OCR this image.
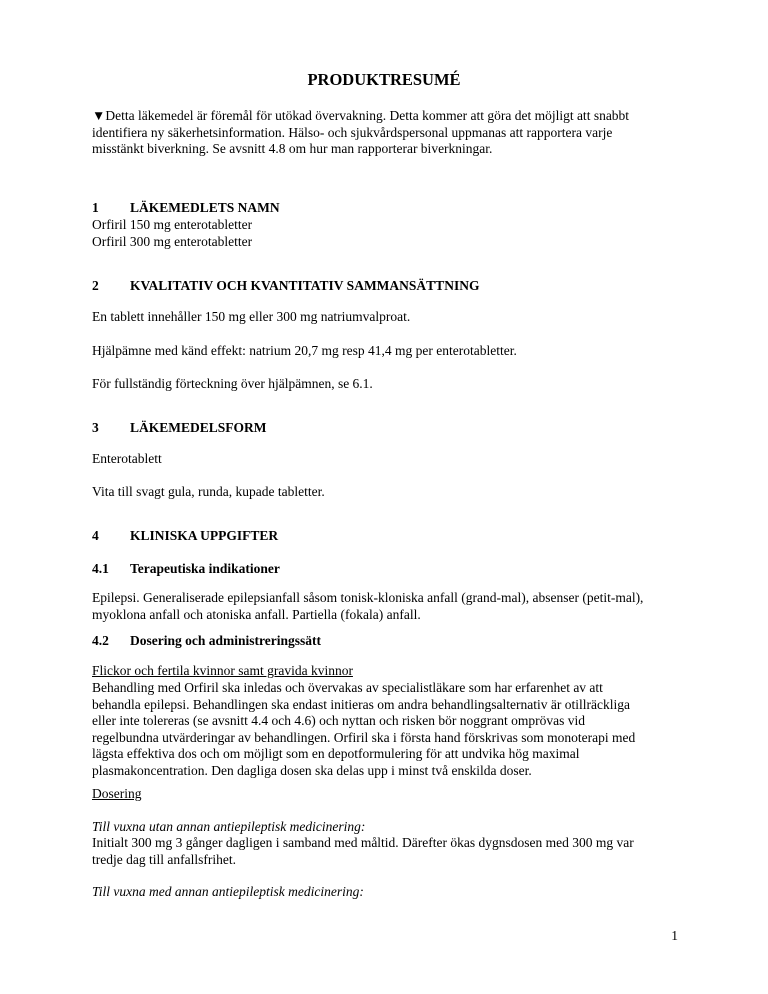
PRODUKTRESUMÉ

▼Detta läkemedel är föremål för utökad övervakning. Detta kommer att göra det möjligt att snabbt
identifiera ny säkerhetsinformation. Hälso- och sjukvårdspersonal uppmanas att rapportera varje
misstänkt biverkning. Se avsnitt 4.8 om hur man rapporterar biverkningar.

1 LÄKEMEDLETS NAMN

Orfiril 150 mg enterotabletter
Orfiril 300 mg enterotabletter

2 KVALITATIV OCH KVANTITATIV SAMMANSÄTTNING

En tablett innehåller 150 mg eller 300 mg natriumvalproat.

Hjälpämne med känd effekt: natrium 20,7 mg resp 41,4 mg per enterotabletter.

För fullständig förteckning över hjälpämnen, se 6.1.

3 LÄKEMEDELSFORM

Enterotablett

Vita till svagt gula, runda, kupade tabletter.

4 KLINISKA UPPGIFTER
4.1 Terapeutiska indikationer

Epilepsi. Generaliserade epilepsianfall såsom tonisk-kloniska anfall (grand-mal), absenser (petit-mal),
myoklona anfall och atoniska anfall. Partiella (fokala) anfall.

4.2 Dosering och administreringssätt
Flickor och fertila kvinnor samt gravida kvinnor

Behandling med Orfiril ska inledas och övervakas av specialistläkare som har erfarenhet av att
behandla epilepsi. Behandlingen ska endast initieras om andra behandlingsalternativ är otillräckliga
eller inte tolereras (se avsnitt 4.4 och 4.6) och nyttan och risken bör noggrant omprövas vid
regelbundna utvärderingar av behandlingen. Orfiril ska i första hand förskrivas som monoterapi med
lägsta effektiva dos och om möjligt som en depotformulering för att undvika hög maximal
plasmakoncentration. Den dagliga dosen ska delas upp i minst två enskilda doser.

Dosering
Till vuxna utan annan antiepileptisk medicinering:

Initialt 300 mg 3 gånger dagligen i samband med måltid. Därefter ökas dygnsdosen med 300 mg var
tredje dag till anfallsfrihet.

Till vuxna med annan antiepileptisk medicinering:
1
